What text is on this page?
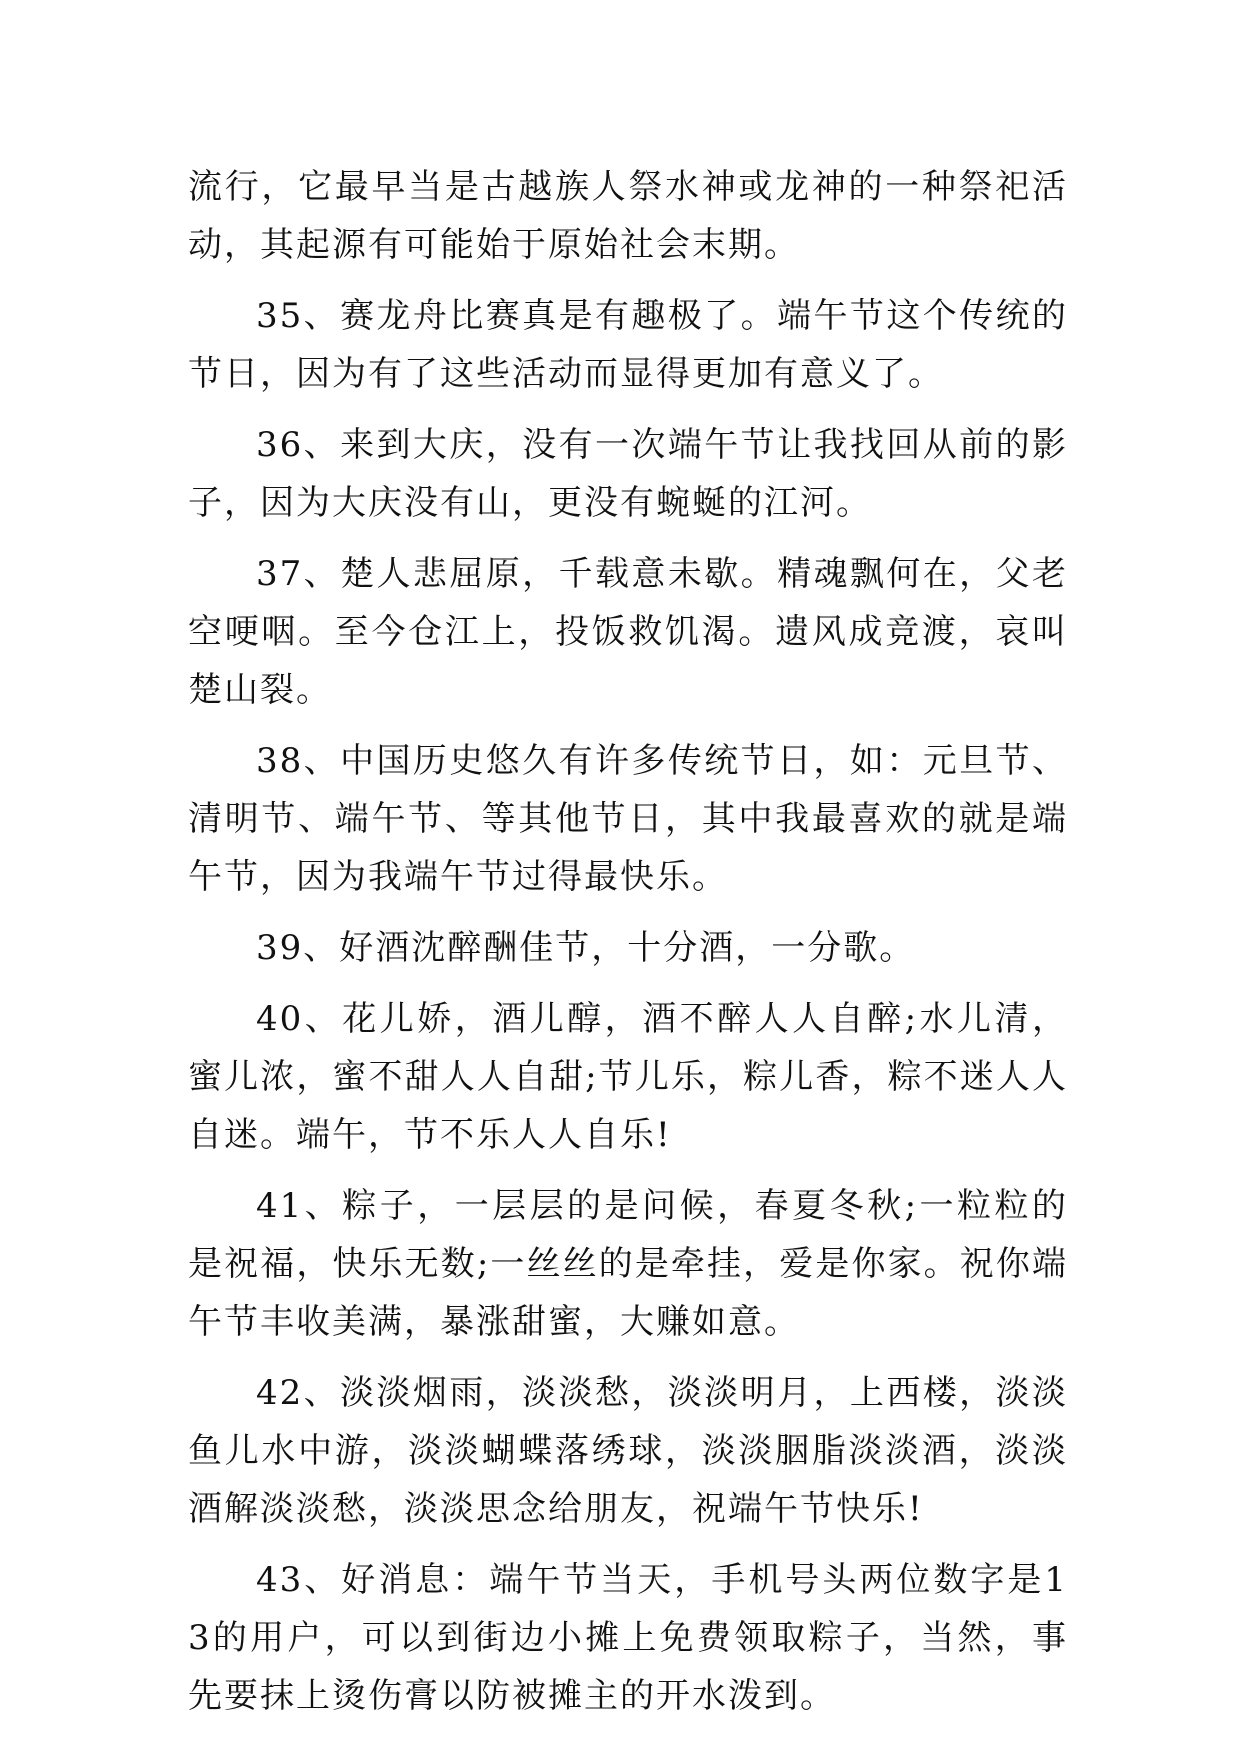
流行，它最早当是古越族人祭水神或龙神的一种祭祀活动，其起源有可能始于原始社会末期。

35、赛龙舟比赛真是有趣极了。端午节这个传统的节日，因为有了这些活动而显得更加有意义了。

36、来到大庆，没有一次端午节让我找回从前的影子，因为大庆没有山，更没有蜿蜒的江河。

37、楚人悲屈原，千载意未歇。精魂飘何在，父老空哽咽。至今仓江上，投饭救饥渴。遗风成竞渡，哀叫楚山裂。

38、中国历史悠久有许多传统节日，如：元旦节、清明节、端午节、等其他节日，其中我最喜欢的就是端午节，因为我端午节过得最快乐。

39、好酒沈醉酬佳节，十分酒，一分歌。

40、花儿娇，酒儿醇，酒不醉人人自醉;水儿清，蜜儿浓，蜜不甜人人自甜;节儿乐，粽儿香，粽不迷人人自迷。端午，节不乐人人自乐!

41、粽子，一层层的是问候，春夏冬秋;一粒粒的是祝福，快乐无数;一丝丝的是牵挂，爱是你家。祝你端午节丰收美满，暴涨甜蜜，大赚如意。

42、淡淡烟雨，淡淡愁，淡淡明月，上西楼，淡淡鱼儿水中游，淡淡蝴蝶落绣球，淡淡胭脂淡淡酒，淡淡酒解淡淡愁，淡淡思念给朋友，祝端午节快乐!

43、好消息：端午节当天，手机号头两位数字是13的用户，可以到街边小摊上免费领取粽子，当然，事先要抹上烫伤膏以防被摊主的开水泼到。
